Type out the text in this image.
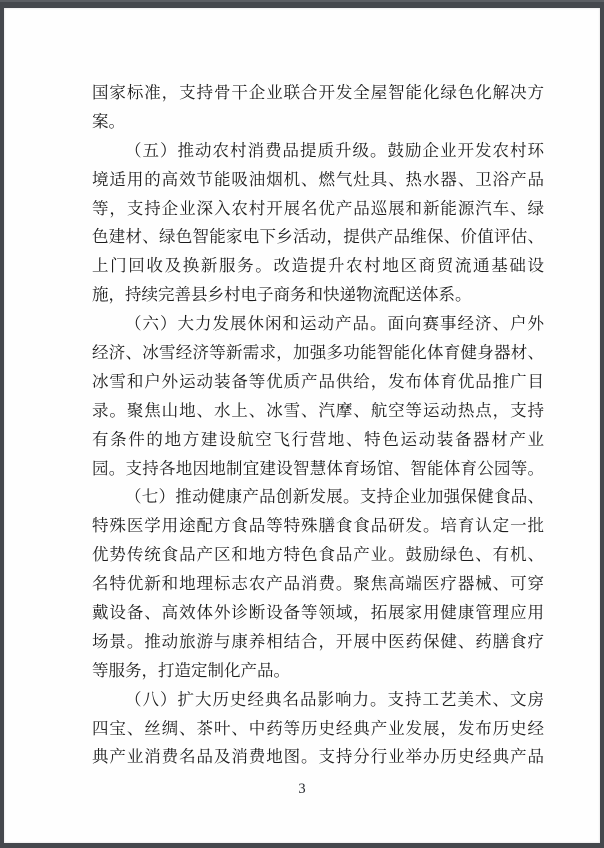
国家标准，支持骨干企业联合开发全屋智能化绿色化解决方
案。
（五）推动农村消费品提质升级。鼓励企业开发农村环
境适用的高效节能吸油烟机、燃气灶具、热水器、卫浴产品
等，支持企业深入农村开展名优产品巡展和新能源汽车、绿
色建材、绿色智能家电下乡活动，提供产品维保、价值评估、
上门回收及换新服务。改造提升农村地区商贸流通基础设
施，持续完善县乡村电子商务和快递物流配送体系。
（六）大力发展休闲和运动产品。面向赛事经济、户外
经济、冰雪经济等新需求，加强多功能智能化体育健身器材、
冰雪和户外运动装备等优质产品供给，发布体育优品推广目
录。聚焦山地、水上、冰雪、汽摩、航空等运动热点，支持
有条件的地方建设航空飞行营地、特色运动装备器材产业
园。支持各地因地制宜建设智慧体育场馆、智能体育公园等。
（七）推动健康产品创新发展。支持企业加强保健食品、
特殊医学用途配方食品等特殊膳食食品研发。培育认定一批
优势传统食品产区和地方特色食品产业。鼓励绿色、有机、
名特优新和地理标志农产品消费。聚焦高端医疗器械、可穿
戴设备、高效体外诊断设备等领域，拓展家用健康管理应用
场景。推动旅游与康养相结合，开展中医药保健、药膳食疗
等服务，打造定制化产品。
（八）扩大历史经典名品影响力。支持工艺美术、文房
四宝、丝绸、茶叶、中药等历史经典产业发展，发布历史经
典产业消费名品及消费地图。支持分行业举办历史经典产品
3
